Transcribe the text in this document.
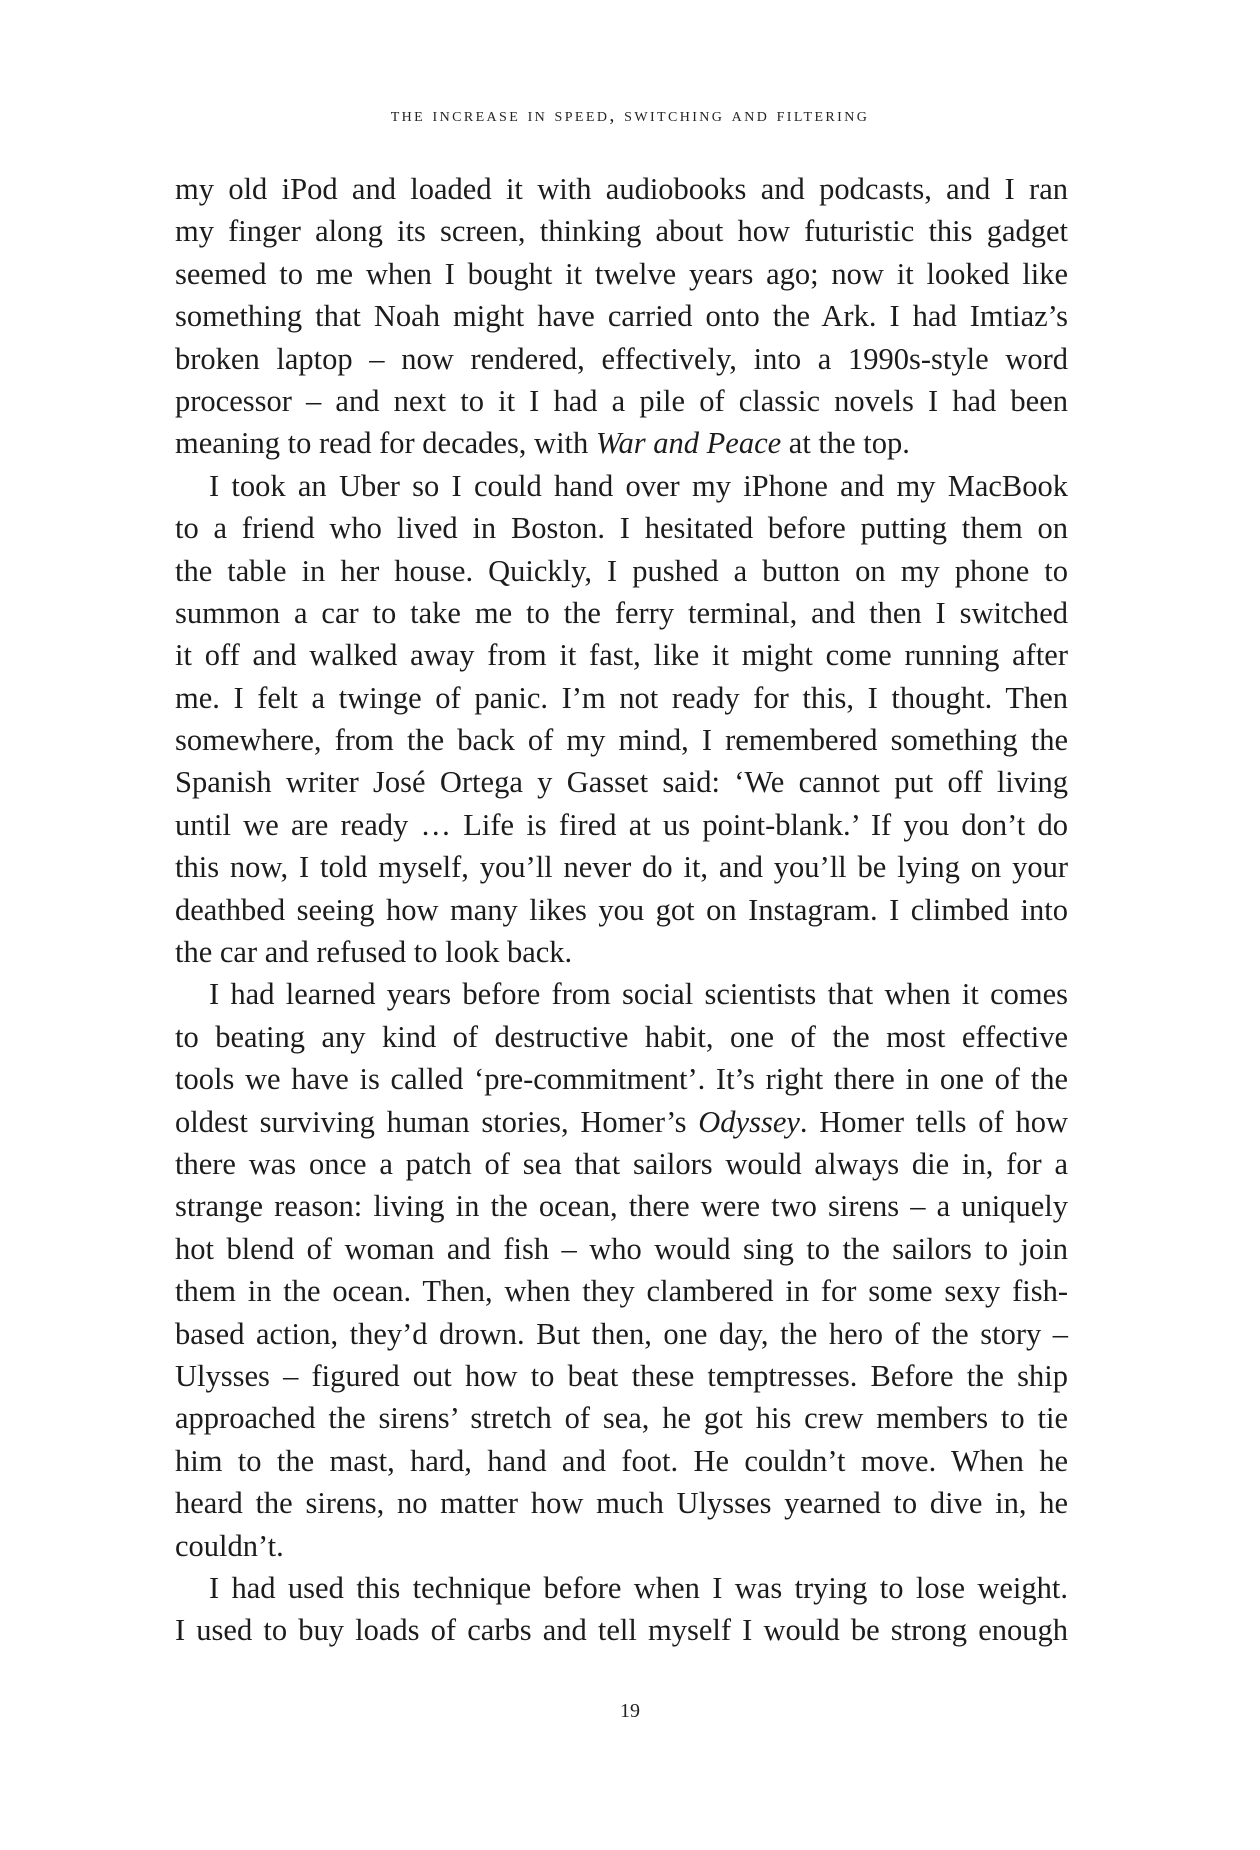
the increase in speed, switching and filtering
my old iPod and loaded it with audiobooks and podcasts, and I ran
my finger along its screen, thinking about how futuristic this gadget
seemed to me when I bought it twelve years ago; now it looked like
something that Noah might have carried onto the Ark. I had Imtiaz’s
broken laptop – now rendered, effectively, into a 1990s-style word
processor – and next to it I had a pile of classic novels I had been
meaning to read for decades, with War and Peace at the top.
I took an Uber so I could hand over my iPhone and my MacBook
to a friend who lived in Boston. I hesitated before putting them on
the table in her house. Quickly, I pushed a button on my phone to
summon a car to take me to the ferry terminal, and then I switched
it off and walked away from it fast, like it might come running after
me. I felt a twinge of panic. I’m not ready for this, I thought. Then
somewhere, from the back of my mind, I remembered something the
Spanish writer José Ortega y Gasset said: ‘We cannot put off living
until we are ready … Life is fired at us point-blank.’ If you don’t do
this now, I told myself, you’ll never do it, and you’ll be lying on your
deathbed seeing how many likes you got on Instagram. I climbed into
the car and refused to look back.
I had learned years before from social scientists that when it comes
to beating any kind of destructive habit, one of the most effective
tools we have is called ‘pre-commitment’. It’s right there in one of the
oldest surviving human stories, Homer’s Odyssey. Homer tells of how
there was once a patch of sea that sailors would always die in, for a
strange reason: living in the ocean, there were two sirens – a uniquely
hot blend of woman and fish – who would sing to the sailors to join
them in the ocean. Then, when they clambered in for some sexy fish-
based action, they’d drown. But then, one day, the hero of the story –
Ulysses – figured out how to beat these temptresses. Before the ship
approached the sirens’ stretch of sea, he got his crew members to tie
him to the mast, hard, hand and foot. He couldn’t move. When he
heard the sirens, no matter how much Ulysses yearned to dive in, he
couldn’t.
I had used this technique before when I was trying to lose weight.
I used to buy loads of carbs and tell myself I would be strong enough
19
